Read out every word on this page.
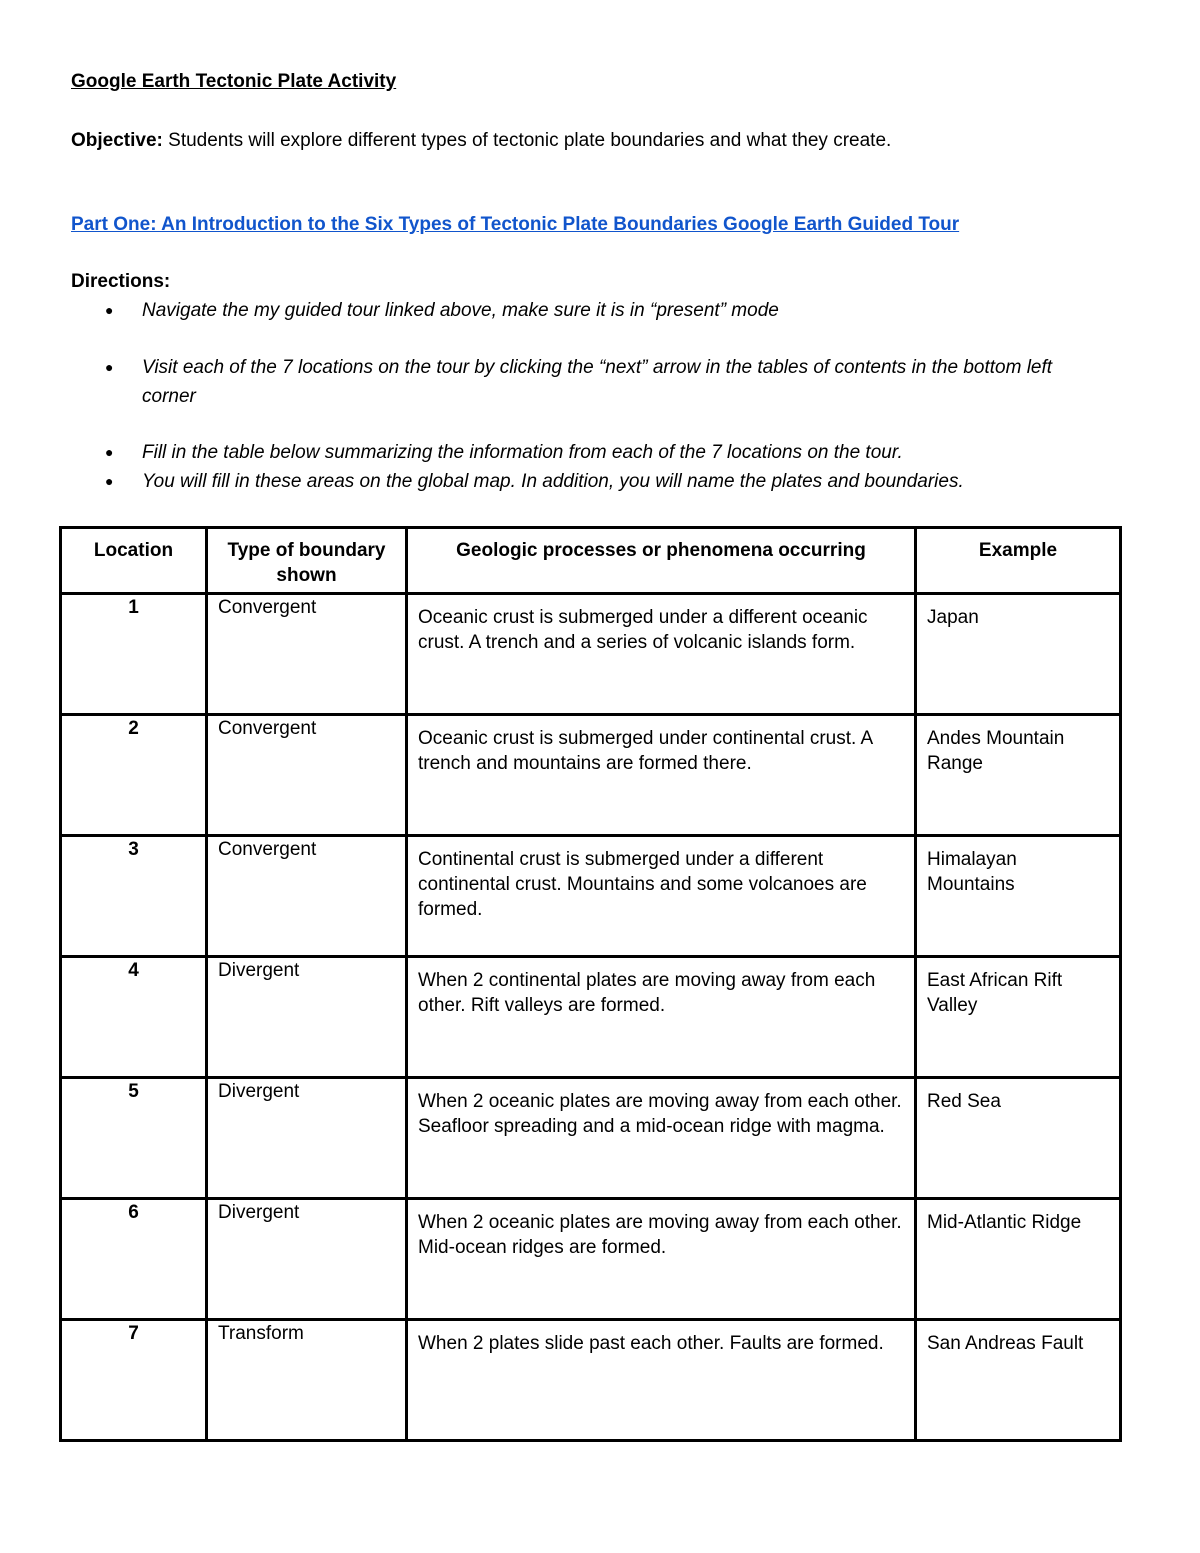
Google Earth Tectonic Plate Activity
Objective: Students will explore different types of tectonic plate boundaries and what they create.
Part One: An Introduction to the Six Types of Tectonic Plate Boundaries Google Earth Guided Tour
Directions:
● Navigate the my guided tour linked above, make sure it is in “present” mode
● Visit each of the 7 locations on the tour by clicking the “next” arrow in the tables of contents in the bottom left corner
● Fill in the table below summarizing the information from each of the 7 locations on the tour.
● You will fill in these areas on the global map. In addition, you will name the plates and boundaries.
Location	Type of boundary shown	Geologic processes or phenomena occurring	Example

1	Convergent	Oceanic crust is submerged under a different oceanic crust. A trench and a series of volcanic islands form.	Japan

2	Convergent	Oceanic crust is submerged under continental crust. A trench and mountains are formed there.	Andes Mountain Range

3	Convergent	Continental crust is submerged under a different continental crust. Mountains and some volcanoes are formed.	Himalayan Mountains

4	Divergent	When 2 continental plates are moving away from each other. Rift valleys are formed.	East African Rift Valley

5	Divergent	When 2 oceanic plates are moving away from each other. Seafloor spreading and a mid-ocean ridge with magma.	Red Sea

6	Divergent	When 2 oceanic plates are moving away from each other. Mid-ocean ridges are formed.	Mid-Atlantic Ridge

7	Transform	When 2 plates slide past each other. Faults are formed.	San Andreas Fault
